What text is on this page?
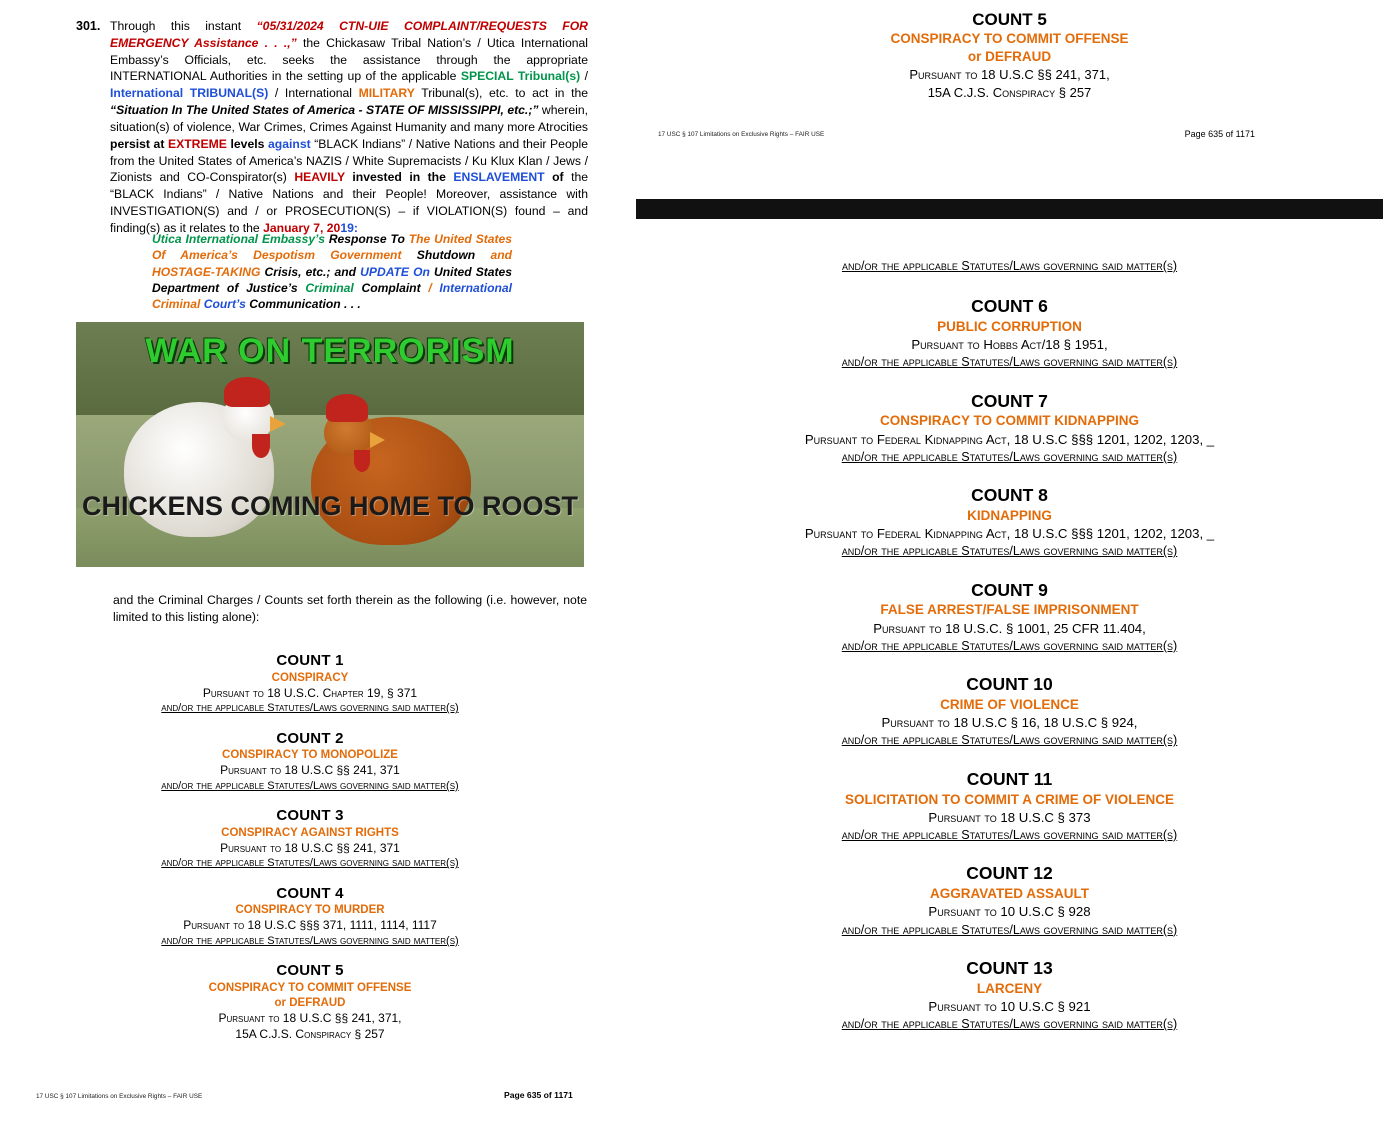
301. Through this instant “05/31/2024 CTN-UIE COMPLAINT/REQUESTS FOR EMERGENCY Assistance . . .,” the Chickasaw Tribal Nation’s / Utica International Embassy’s Officials, etc. seeks the assistance through the appropriate INTERNATIONAL Authorities in the setting up of the applicable SPECIAL Tribunal(s) / International TRIBUNAL(S) / International MILITARY Tribunal(s), etc. to act in the “Situation In The United States of America - STATE OF MISSISSIPPI, etc.;” wherein, situation(s) of violence, War Crimes, Crimes Against Humanity and many more Atrocities persist at EXTREME levels against “BLACK Indians” / Native Nations and their People from the United States of America’s NAZIS / White Supremacists / Ku Klux Klan / Jews / Zionists and CO-Conspirator(s) HEAVILY invested in the ENSLAVEMENT of the “BLACK Indians” / Native Nations and their People! Moreover, assistance with INVESTIGATION(S) and / or PROSECUTION(S) – if VIOLATION(S) found – and finding(s) as it relates to the January 7, 2019:
Utica International Embassy’s Response To The United States Of America’s Despotism Government Shutdown and HOSTAGE-TAKING Crisis, etc.; and UPDATE On United States Department of Justice’s Criminal Complaint / International Criminal Court’s Communication . . .
WAR ON TERRORISM
CHICKENS COMING HOME TO ROOST
and the Criminal Charges / Counts set forth therein as the following (i.e. however, note limited to this listing alone):
COUNT 1
CONSPIRACY
Pursuant to 18 U.S.C. Chapter 19, § 371
and/or the applicable Statutes/Laws governing said matter(s)
COUNT 2
CONSPIRACY TO MONOPOLIZE
Pursuant to 18 U.S.C §§ 241, 371
and/or the applicable Statutes/Laws governing said matter(s)
COUNT 3
CONSPIRACY AGAINST RIGHTS
Pursuant to 18 U.S.C §§ 241, 371
and/or the applicable Statutes/Laws governing said matter(s)
COUNT 4
CONSPIRACY TO MURDER
Pursuant to 18 U.S.C §§§ 371, 1111, 1114, 1117
and/or the applicable Statutes/Laws governing said matter(s)
COUNT 5
CONSPIRACY TO COMMIT OFFENSE
or DEFRAUD
Pursuant to 18 U.S.C §§ 241, 371,
15A C.J.S. Conspiracy § 257
17 USC § 107 Limitations on Exclusive Rights – FAIR USE	Page 635 of 1171
COUNT 5
CONSPIRACY TO COMMIT OFFENSE
or DEFRAUD
Pursuant to 18 U.S.C §§ 241, 371,
15A C.J.S. Conspiracy § 257
17 USC § 107 Limitations on Exclusive Rights – FAIR USE	Page 635 of 1171
and/or the applicable Statutes/Laws governing said matter(s)
COUNT 6
PUBLIC CORRUPTION
Pursuant to Hobbs Act/18 § 1951,
and/or the applicable Statutes/Laws governing said matter(s)
COUNT 7
CONSPIRACY TO COMMIT KIDNAPPING
Pursuant to Federal Kidnapping Act, 18 U.S.C §§§ 1201, 1202, 1203, _
and/or the applicable Statutes/Laws governing said matter(s)
COUNT 8
KIDNAPPING
Pursuant to Federal Kidnapping Act, 18 U.S.C §§§ 1201, 1202, 1203, _
and/or the applicable Statutes/Laws governing said matter(s)
COUNT 9
FALSE ARREST/FALSE IMPRISONMENT
Pursuant to 18 U.S.C. § 1001, 25 CFR 11.404,
and/or the applicable Statutes/Laws governing said matter(s)
COUNT 10
CRIME OF VIOLENCE
Pursuant to 18 U.S.C § 16, 18 U.S.C § 924,
and/or the applicable Statutes/Laws governing said matter(s)
COUNT 11
SOLICITATION TO COMMIT A CRIME OF VIOLENCE
Pursuant to 18 U.S.C § 373
and/or the applicable Statutes/Laws governing said matter(s)
COUNT 12
AGGRAVATED ASSAULT
Pursuant to 10 U.S.C § 928
and/or the applicable Statutes/Laws governing said matter(s)
COUNT 13
LARCENY
Pursuant to 10 U.S.C § 921
and/or the applicable Statutes/Laws governing said matter(s)
